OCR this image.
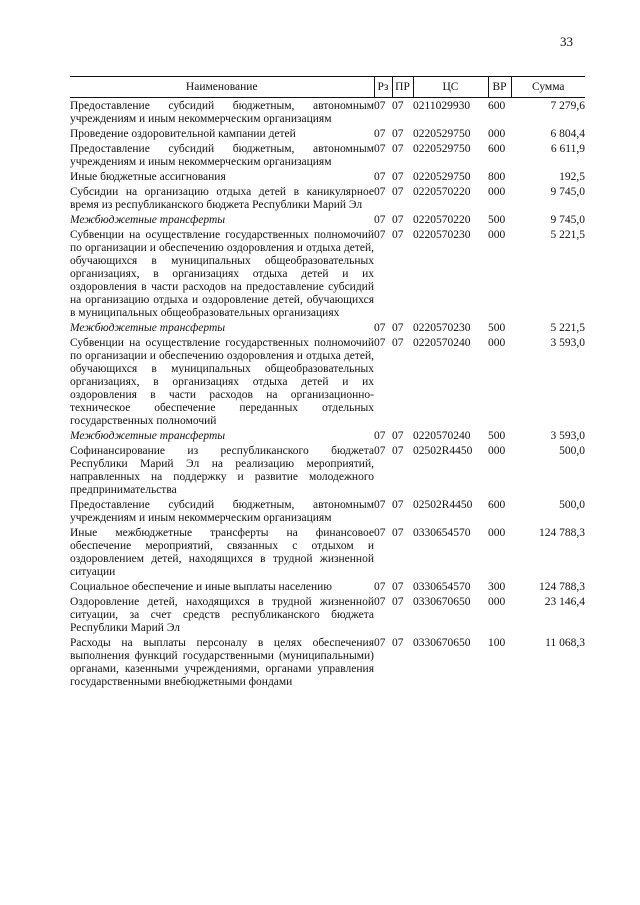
33
Наименование	Рз	ПР	ЦС	ВР	Сумма
Предоставление субсидий бюджетным, автономным учреждениям и иным некоммерческим организациям	07	07	0211029930	600	7 279,6
Проведение оздоровительной кампании детей	07	07	0220529750	000	6 804,4
Предоставление субсидий бюджетным, автономным учреждениям и иным некоммерческим организациям	07	07	0220529750	600	6 611,9
Иные бюджетные ассигнования	07	07	0220529750	800	192,5
Субсидии на организацию отдыха детей в каникулярное время из республиканского бюджета Республики Марий Эл	07	07	0220570220	000	9 745,0
Межбюджетные трансферты	07	07	0220570220	500	9 745,0
Субвенции на осуществление государственных полномочий по организации и обеспечению оздоровления и отдыха детей, обучающихся в муниципальных общеобразовательных организациях, в организациях отдыха детей и их оздоровления в части расходов на предоставление субсидий на организацию отдыха и оздоровление детей, обучающихся в муниципальных общеобразовательных организациях	07	07	0220570230	000	5 221,5
Межбюджетные трансферты	07	07	0220570230	500	5 221,5
Субвенции на осуществление государственных полномочий по организации и обеспечению оздоровления и отдыха детей, обучающихся в муниципальных общеобразовательных организациях, в организациях отдыха детей и их оздоровления в части расходов на организационно-техническое обеспечение переданных отдельных государственных полномочий	07	07	0220570240	000	3 593,0
Межбюджетные трансферты	07	07	0220570240	500	3 593,0
Софинансирование из республиканского бюджета Республики Марий Эл на реализацию мероприятий, направленных на поддержку и развитие молодежного предпринимательства	07	07	02502R4450	000	500,0
Предоставление субсидий бюджетным, автономным учреждениям и иным некоммерческим организациям	07	07	02502R4450	600	500,0
Иные межбюджетные трансферты на финансовое обеспечение мероприятий, связанных с отдыхом и оздоровлением детей, находящихся в трудной жизненной ситуации	07	07	0330654570	000	124 788,3
Социальное обеспечение и иные выплаты населению	07	07	0330654570	300	124 788,3
Оздоровление детей, находящихся в трудной жизненной ситуации, за счет средств республиканского бюджета Республики Марий Эл	07	07	0330670650	000	23 146,4
Расходы на выплаты персоналу в целях обеспечения выполнения функций государственными (муниципальными) органами, казенными учреждениями, органами управления государственными внебюджетными фондами	07	07	0330670650	100	11 068,3
